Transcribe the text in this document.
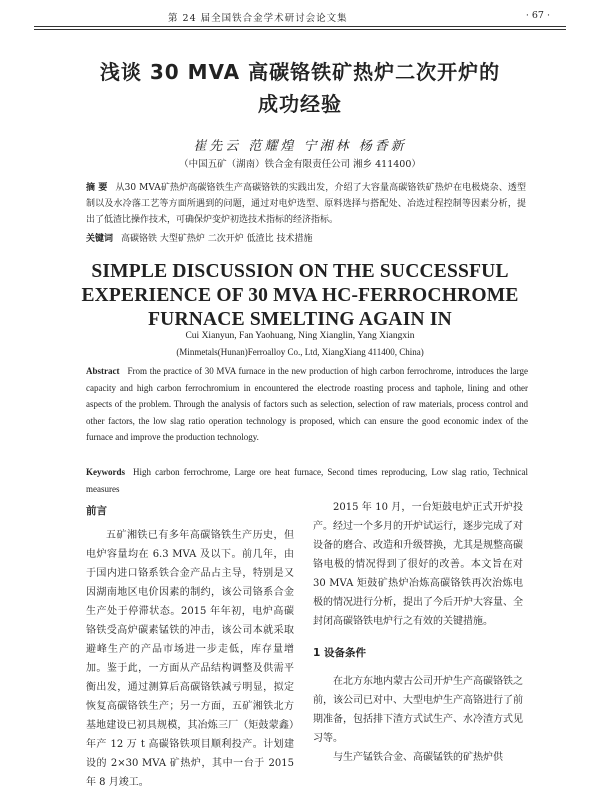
第 24 届全国铁合金学术研讨会论文集	· 67 ·
浅谈 30 MVA 高碳铬铁矿热炉二次开炉的
成功经验
崔先云 范耀煌 宁湘林 杨香新
（中国五矿（湖南）铁合金有限责任公司 湘乡 411400）
摘 要 从30 MVA矿热炉高碳铬铁生产高碳铬铁的实践出发，介绍了大容量高碳铬铁矿热炉在电极烧杂、透型制以及水冷落工艺等方面所遇到的问题，通过对电炉选型、原料选择与搭配处、冶选过程控制等因素分析，提出了低渣比操作技术，可确保炉变炉初选技术指标的经济指标。
关键词 高碳铬铁 大型矿热炉 二次开炉 低渣比 技术措施
SIMPLE DISCUSSION ON THE SUCCESSFUL
EXPERIENCE OF 30 MVA HC-FERROCHROME
FURNACE SMELTING AGAIN IN
Cui Xianyun, Fan Yaohuang, Ning Xianglin, Yang Xiangxin
(Minmetals(Hunan)Ferroalloy Co., Ltd, XiangXiang 411400, China)
Abstract From the practice of 30 MVA furnace in the new production of high carbon ferrochrome, introduces the large capacity and high carbon ferrochromium in encountered the electrode roasting process and taphole, lining and other aspects of the problem. Through the analysis of factors such as selection, selection of raw materials, process control and other factors, the low slag ratio operation technology is proposed, which can ensure the good economic index of the furnace and improve the production technology.
Keywords High carbon ferrochrome, Large ore heat furnace, Second times reproducing, Low slag ratio, Technical measures
前言

五矿湘铁已有多年高碳铬铁生产历史，但电炉容量均在 6.3 MVA 及以下。前几年，由于国内进口铬系铁合金产品占主导，特别是又因湖南地区电价因素的制约，该公司铬系合金生产处于停滞状态。2015 年年初，电炉高碳铬铁受高炉碳素锰铁的冲击，该公司本就采取避峰生产的产品市场进一步走低，库存量增加。鉴于此，一方面从产品结构调整及供需平衡出发，通过测算后高碳铬铁减亏明显，拟定恢复高碳铬铁生产；另一方面，五矿湘铁北方基地建设已初具规模，其冶炼三厂（矩鼓蒙鑫）年产 12 万 t 高碳铬铁项目顺利投产。计划建设的 2×30 MVA 矿热炉，其中一台于 2015 年 8 月竣工。

2015 年 10 月，一台矩鼓电炉正式开炉投产。经过一个多月的开炉试运行，逐步完成了对设备的磨合、改造和升级替换，尤其是规整高碳铬电极的情况得到了很好的改善。本文旨在对 30 MVA 矩鼓矿热炉冶炼高碳铬铁再次治炼电极的情况进行分析，提出了今后开炉大容量、全封闭高碳铬铁电炉行之有效的关键措施。

1 设备条件

在北方东地内蒙古公司开炉生产高碳铬铁之前，该公司已对中、大型电炉生产高铬进行了前期准备，包括排下渣方式试生产、水冷渣方式见习等。

与生产锰铁合金、高碳锰铁的矿热炉供
